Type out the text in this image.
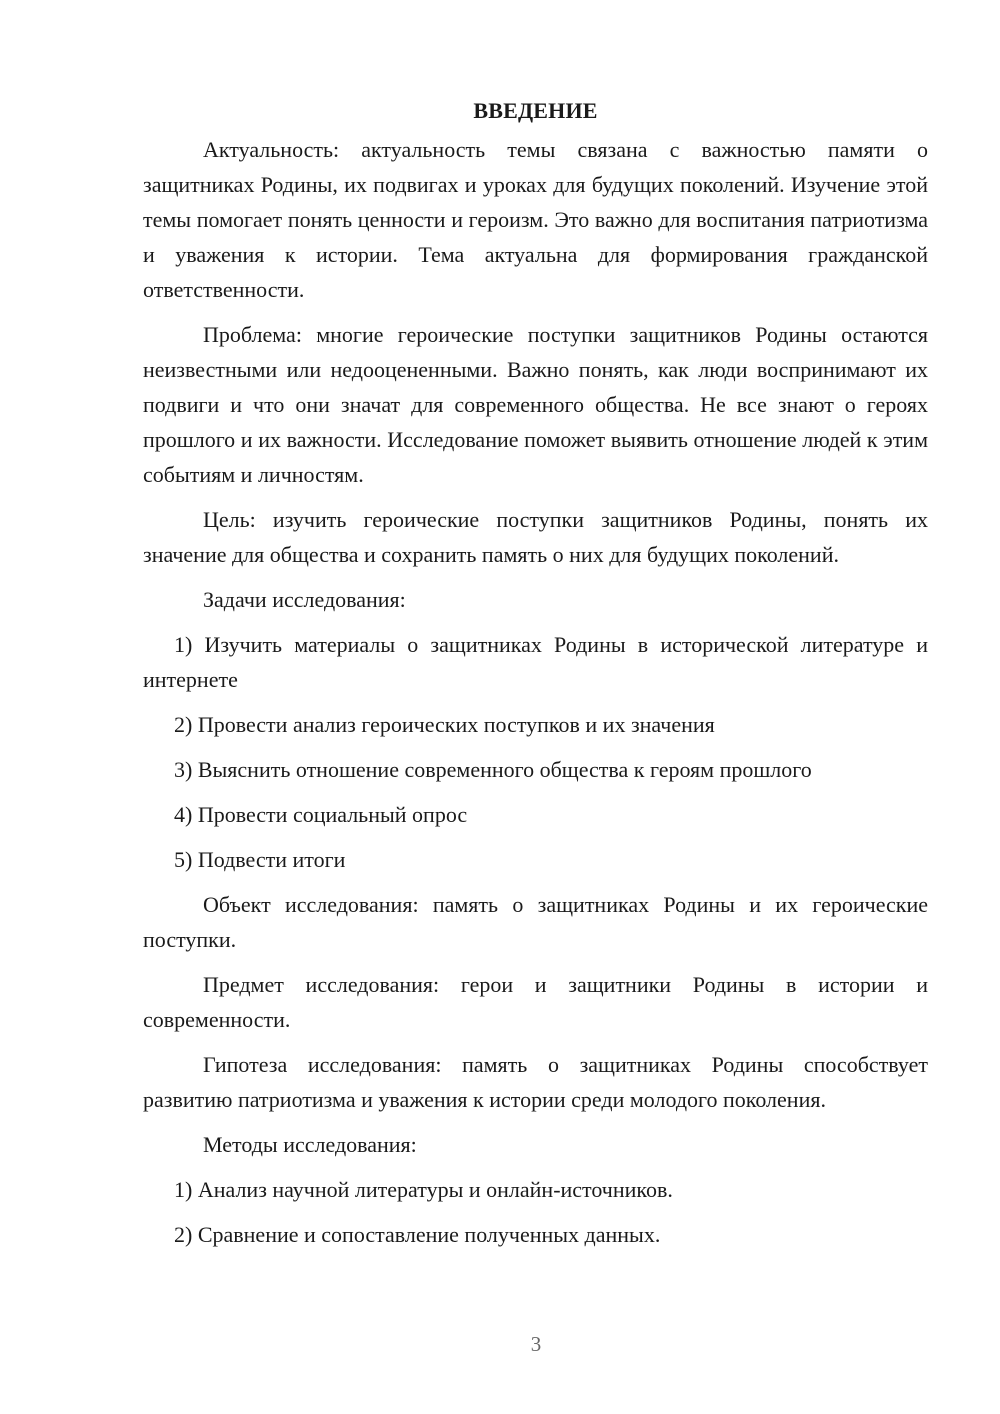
ВВЕДЕНИЕ

Актуальность: актуальность темы связана с важностью памяти о защитниках Родины, их подвигах и уроках для будущих поколений. Изучение этой темы помогает понять ценности и героизм. Это важно для воспитания патриотизма и уважения к истории. Тема актуальна для формирования гражданской ответственности.

Проблема: многие героические поступки защитников Родины остаются неизвестными или недооцененными. Важно понять, как люди воспринимают их подвиги и что они значат для современного общества. Не все знают о героях прошлого и их важности. Исследование поможет выявить отношение людей к этим событиям и личностям.

Цель: изучить героические поступки защитников Родины, понять их значение для общества и сохранить память о них для будущих поколений.

Задачи исследования:

1) Изучить материалы о защитниках Родины в исторической литературе и интернете
2) Провести анализ героических поступков и их значения
3) Выяснить отношение современного общества к героям прошлого
4) Провести социальный опрос
5) Подвести итоги

Объект исследования: память о защитниках Родины и их героические поступки.

Предмет исследования: герои и защитники Родины в истории и современности.

Гипотеза исследования: память о защитниках Родины способствует развитию патриотизма и уважения к истории среди молодого поколения.

Методы исследования:

1) Анализ научной литературы и онлайн-источников.
2) Сравнение и сопоставление полученных данных.
3
